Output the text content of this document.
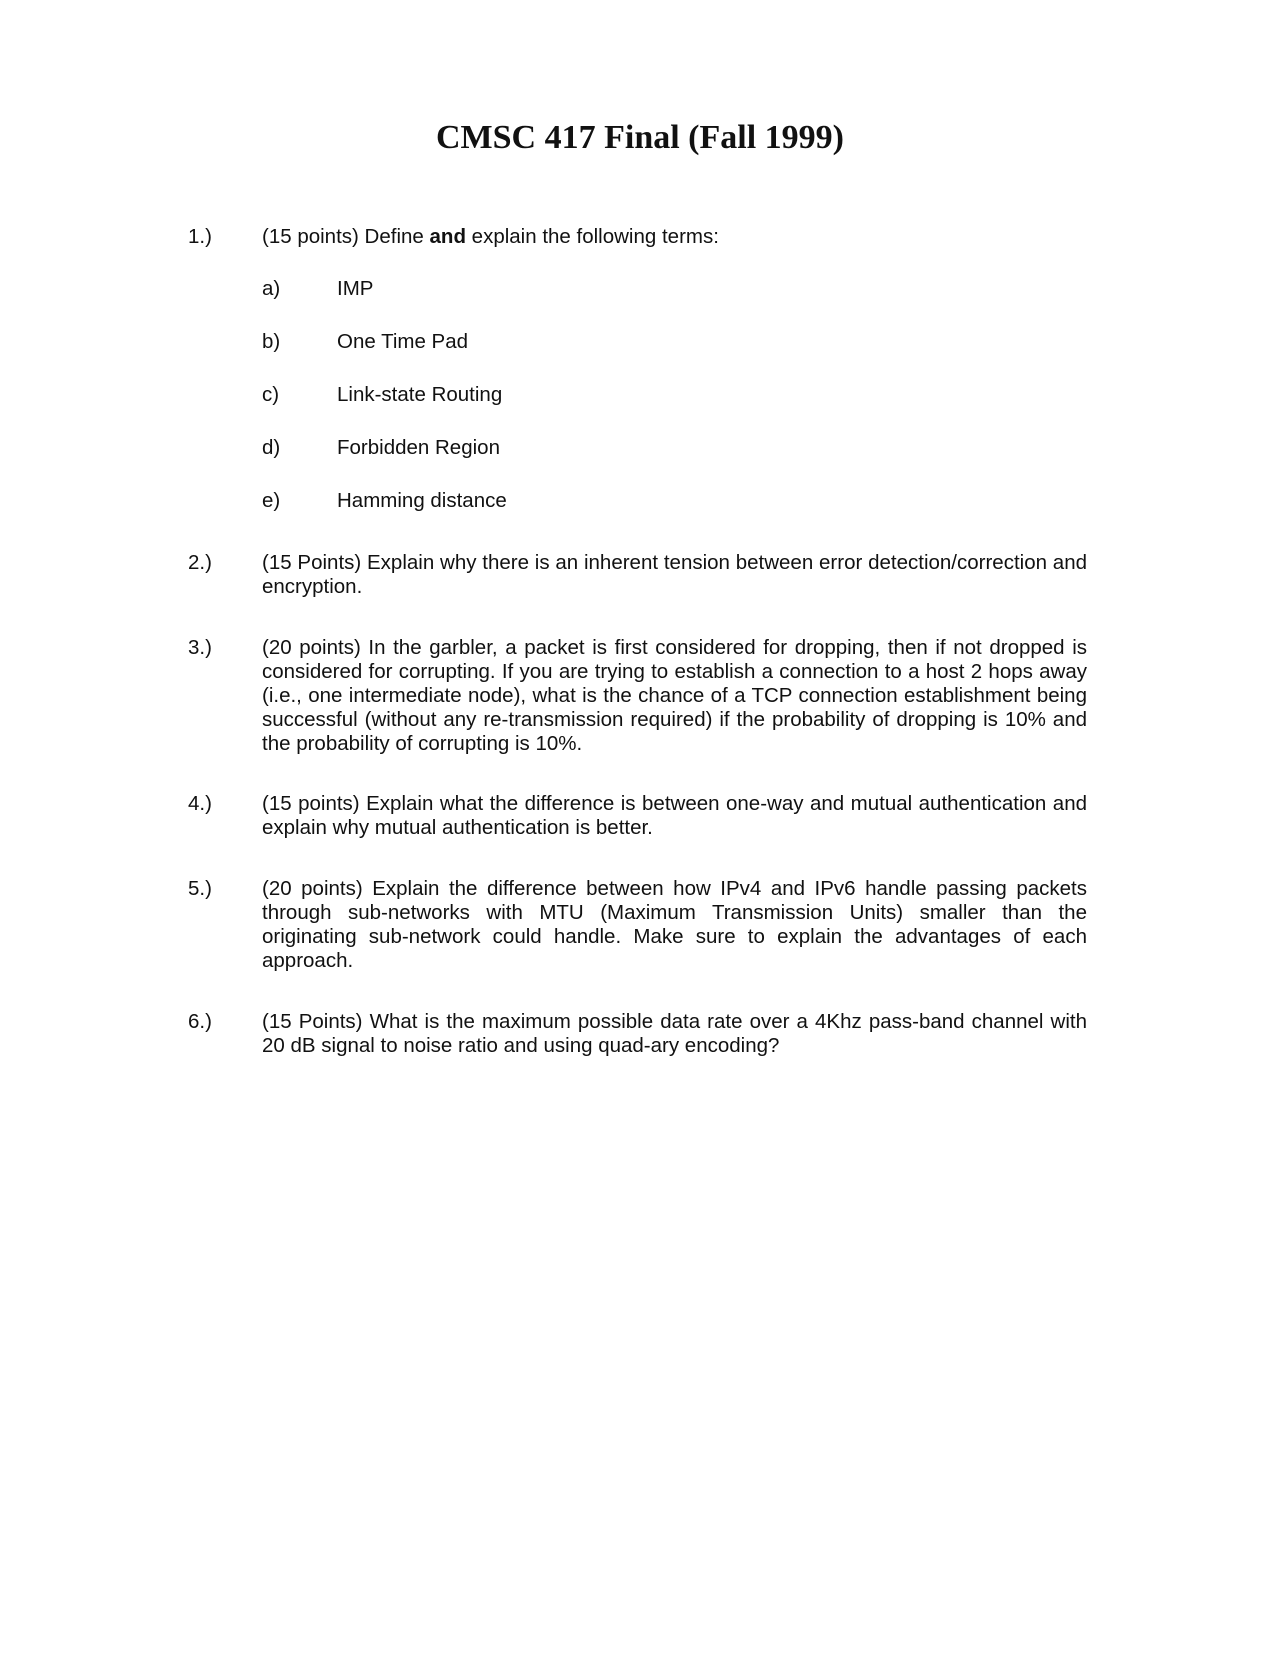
CMSC 417 Final (Fall 1999)
1.) (15 points) Define and explain the following terms:
a)	IMP
b)	One Time Pad
c)	Link-state Routing
d)	Forbidden Region
e)	Hamming distance
2.) (15 Points) Explain why there is an inherent tension between error detection/correction and encryption.
3.) (20 points) In the garbler, a packet is first considered for dropping, then if not dropped is considered for corrupting. If you are trying to establish a connection to a host 2 hops away (i.e., one intermediate node), what is the chance of a TCP connection establishment being successful (without any re-transmission required) if the probability of dropping is 10% and the probability of corrupting is 10%.
4.) (15 points) Explain what the difference is between one-way and mutual authentication and explain why mutual authentication is better.
5.) (20 points) Explain the difference between how IPv4 and IPv6 handle passing packets through sub-networks with MTU (Maximum Transmission Units) smaller than the originating sub-network could handle. Make sure to explain the advantages of each approach.
6.) (15 Points) What is the maximum possible data rate over a 4Khz pass-band channel with 20 dB signal to noise ratio and using quad-ary encoding?
